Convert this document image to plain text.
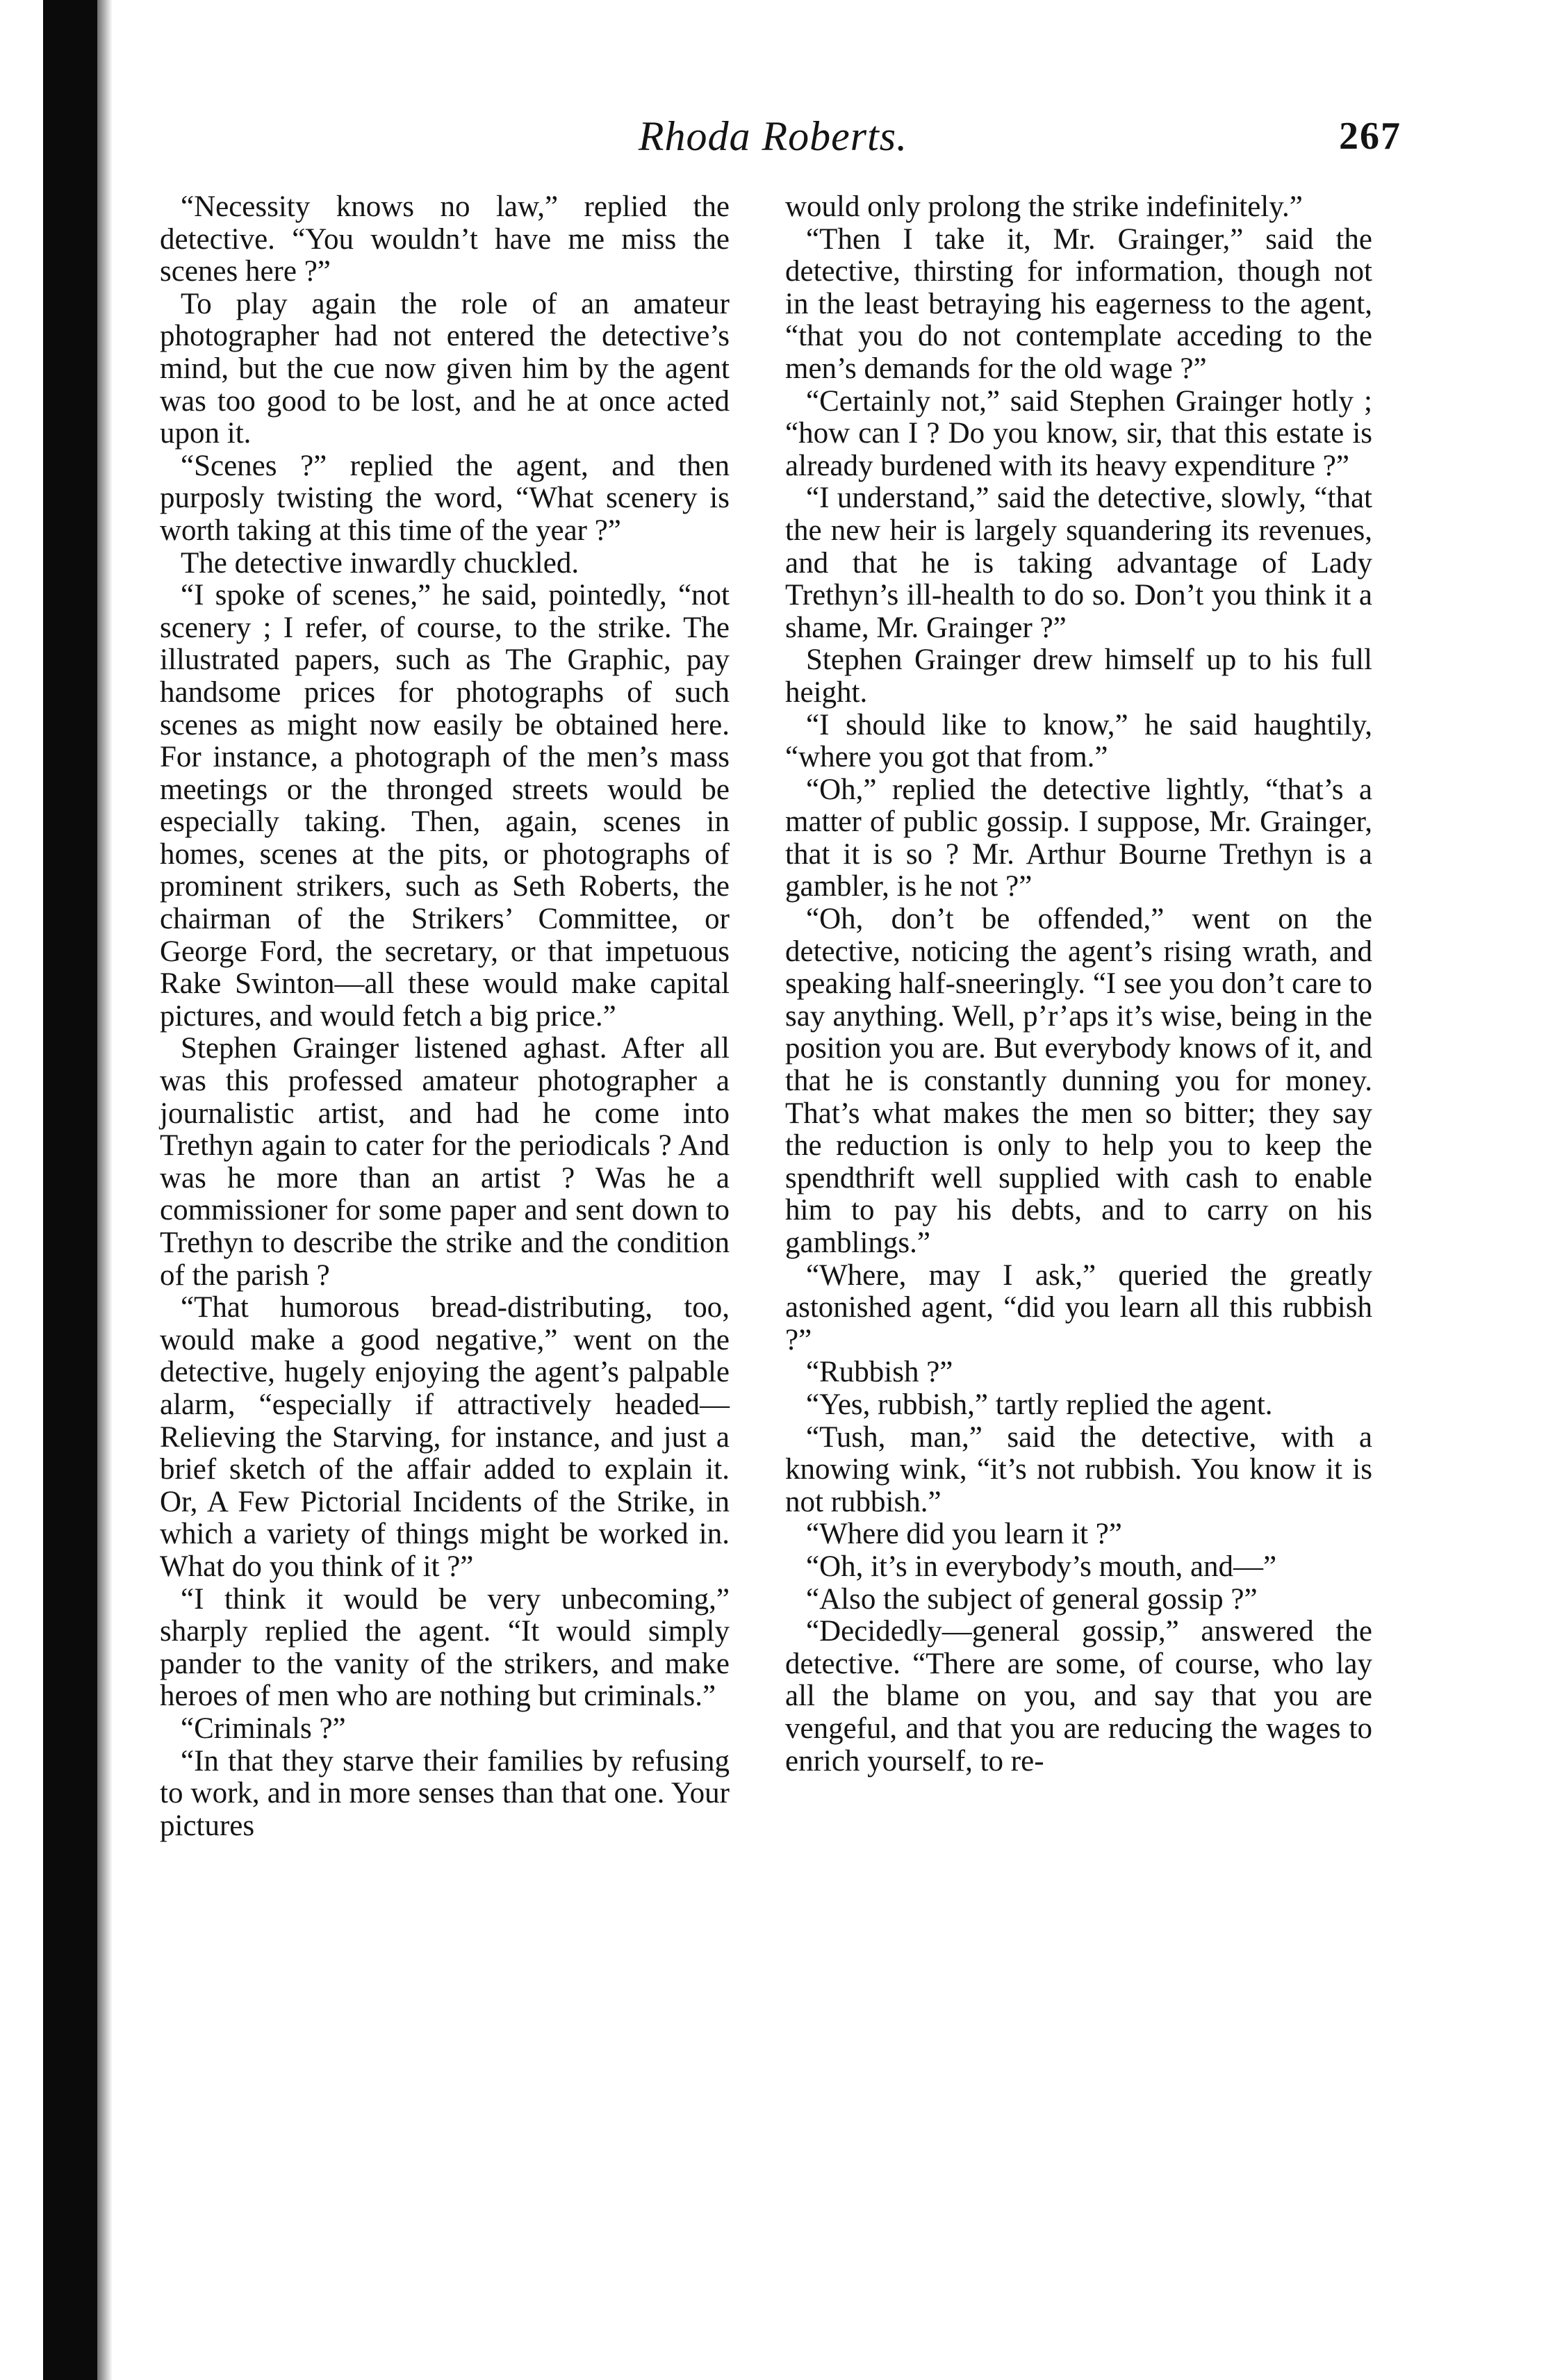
Rhoda Roberts.	267

“Necessity knows no law,” replied the detective. “You wouldn’t have me miss the scenes here ?”

To play again the role of an amateur photographer had not entered the detective’s mind, but the cue now given him by the agent was too good to be lost, and he at once acted upon it.

“Scenes ?” replied the agent, and then purposly twisting the word, “What scenery is worth taking at this time of the year ?”

The detective inwardly chuckled.

“I spoke of scenes,” he said, pointedly, “not scenery ; I refer, of course, to the strike. The illustrated papers, such as The Graphic, pay handsome prices for photographs of such scenes as might now easily be obtained here. For instance, a photograph of the men’s mass meetings or the thronged streets would be especially taking. Then, again, scenes in homes, scenes at the pits, or photographs of prominent strikers, such as Seth Roberts, the chairman of the Strikers’ Committee, or George Ford, the secretary, or that impetuous Rake Swinton—all these would make capital pictures, and would fetch a big price.”

Stephen Grainger listened aghast. After all was this professed amateur photographer a journalistic artist, and had he come into Trethyn again to cater for the periodicals ? And was he more than an artist ? Was he a commissioner for some paper and sent down to Trethyn to describe the strike and the condition of the parish ?

“That humorous bread-distributing, too, would make a good negative,” went on the detective, hugely enjoying the agent’s palpable alarm, “especially if attractively headed—Relieving the Starving, for instance, and just a brief sketch of the affair added to explain it. Or, A Few Pictorial Incidents of the Strike, in which a variety of things might be worked in. What do you think of it ?”

“I think it would be very unbecoming,” sharply replied the agent. “It would simply pander to the vanity of the strikers, and make heroes of men who are nothing but criminals.”

“Criminals ?”

“In that they starve their families by refusing to work, and in more senses than that one. Your pictures

would only prolong the strike indefinitely.”

“Then I take it, Mr. Grainger,” said the detective, thirsting for information, though not in the least betraying his eagerness to the agent, “that you do not contemplate acceding to the men’s demands for the old wage ?”

“Certainly not,” said Stephen Grainger hotly ; “how can I ? Do you know, sir, that this estate is already burdened with its heavy expenditure ?”

“I understand,” said the detective, slowly, “that the new heir is largely squandering its revenues, and that he is taking advantage of Lady Trethyn’s ill-health to do so. Don’t you think it a shame, Mr. Grainger ?”

Stephen Grainger drew himself up to his full height.

“I should like to know,” he said haughtily, “where you got that from.”

“Oh,” replied the detective lightly, “that’s a matter of public gossip. I suppose, Mr. Grainger, that it is so ? Mr. Arthur Bourne Trethyn is a gambler, is he not ?”

“Oh, don’t be offended,” went on the detective, noticing the agent’s rising wrath, and speaking half-sneeringly. “I see you don’t care to say anything. Well, p’r’aps it’s wise, being in the position you are. But everybody knows of it, and that he is constantly dunning you for money. That’s what makes the men so bitter; they say the reduction is only to help you to keep the spendthrift well supplied with cash to enable him to pay his debts, and to carry on his gamblings.”

“Where, may I ask,” queried the greatly astonished agent, “did you learn all this rubbish ?”

“Rubbish ?”

“Yes, rubbish,” tartly replied the agent.

“Tush, man,” said the detective, with a knowing wink, “it’s not rubbish. You know it is not rubbish.”

“Where did you learn it ?”

“Oh, it’s in everybody’s mouth, and—”

“Also the subject of general gossip ?”

“Decidedly—general gossip,” answered the detective. “There are some, of course, who lay all the blame on you, and say that you are vengeful, and that you are reducing the wages to enrich yourself, to re-
